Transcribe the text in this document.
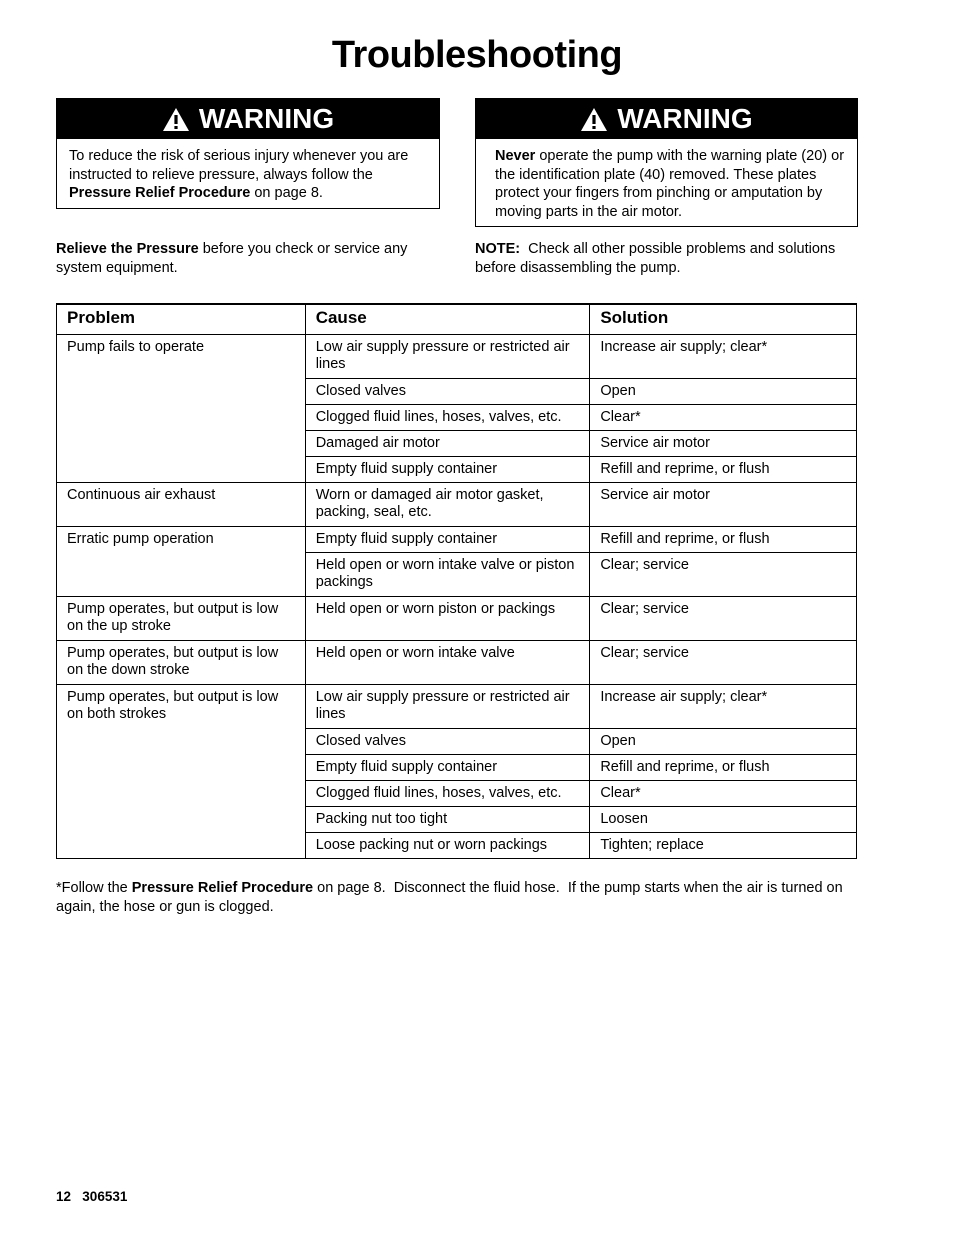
Troubleshooting
WARNING
To reduce the risk of serious injury whenever you are instructed to relieve pressure, always follow the Pressure Relief Procedure on page 8.
WARNING
Never operate the pump with the warning plate (20) or the identification plate (40) removed. These plates protect your fingers from pinching or amputation by moving parts in the air motor.
Relieve the Pressure before you check or service any system equipment.
NOTE:  Check all other possible problems and solutions before disassembling the pump.
Problem	Cause	Solution
Pump fails to operate	Low air supply pressure or restricted air lines	Increase air supply; clear*
	Closed valves	Open
	Clogged fluid lines, hoses, valves, etc.	Clear*
	Damaged air motor	Service air motor
	Empty fluid supply container	Refill and reprime, or flush
Continuous air exhaust	Worn or damaged air motor gasket, packing, seal, etc.	Service air motor
Erratic pump operation	Empty fluid supply container	Refill and reprime, or flush
	Held open or worn intake valve or piston packings	Clear; service
Pump operates, but output is low on the up stroke	Held open or worn piston or packings	Clear; service
Pump operates, but output is low on the down stroke	Held open or worn intake valve	Clear; service
Pump operates, but output is low on both strokes	Low air supply pressure or restricted air lines	Increase air supply; clear*
	Closed valves	Open
	Empty fluid supply container	Refill and reprime, or flush
	Clogged fluid lines, hoses, valves, etc.	Clear*
	Packing nut too tight	Loosen
	Loose packing nut or worn packings	Tighten; replace
*Follow the Pressure Relief Procedure on page 8.  Disconnect the fluid hose.  If the pump starts when the air is turned on again, the hose or gun is clogged.
12 306531
